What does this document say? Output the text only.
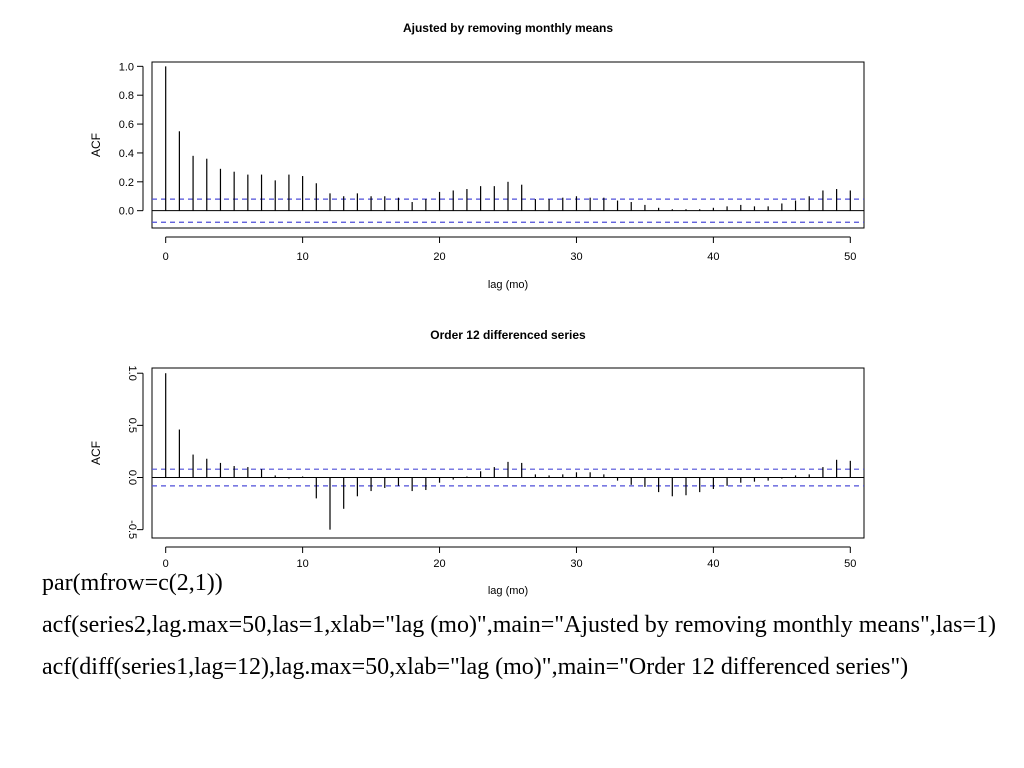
Ajusted by removing monthly means
0	10	20	30	40	50
0.0
0.2
0.4
0.6
0.8
1.0
lag (mo)
ACF
Order 12 differenced series
0	10	20	30	40	50
-0.5
0.0
0.5
1.0
lag (mo)
ACF
par(mfrow=c(2,1))
acf(series2,lag.max=50,las=1,xlab="lag (mo)",main="Ajusted by removing monthly means",las=1)
acf(diff(series1,lag=12),lag.max=50,xlab="lag (mo)",main="Order 12 differenced series")
